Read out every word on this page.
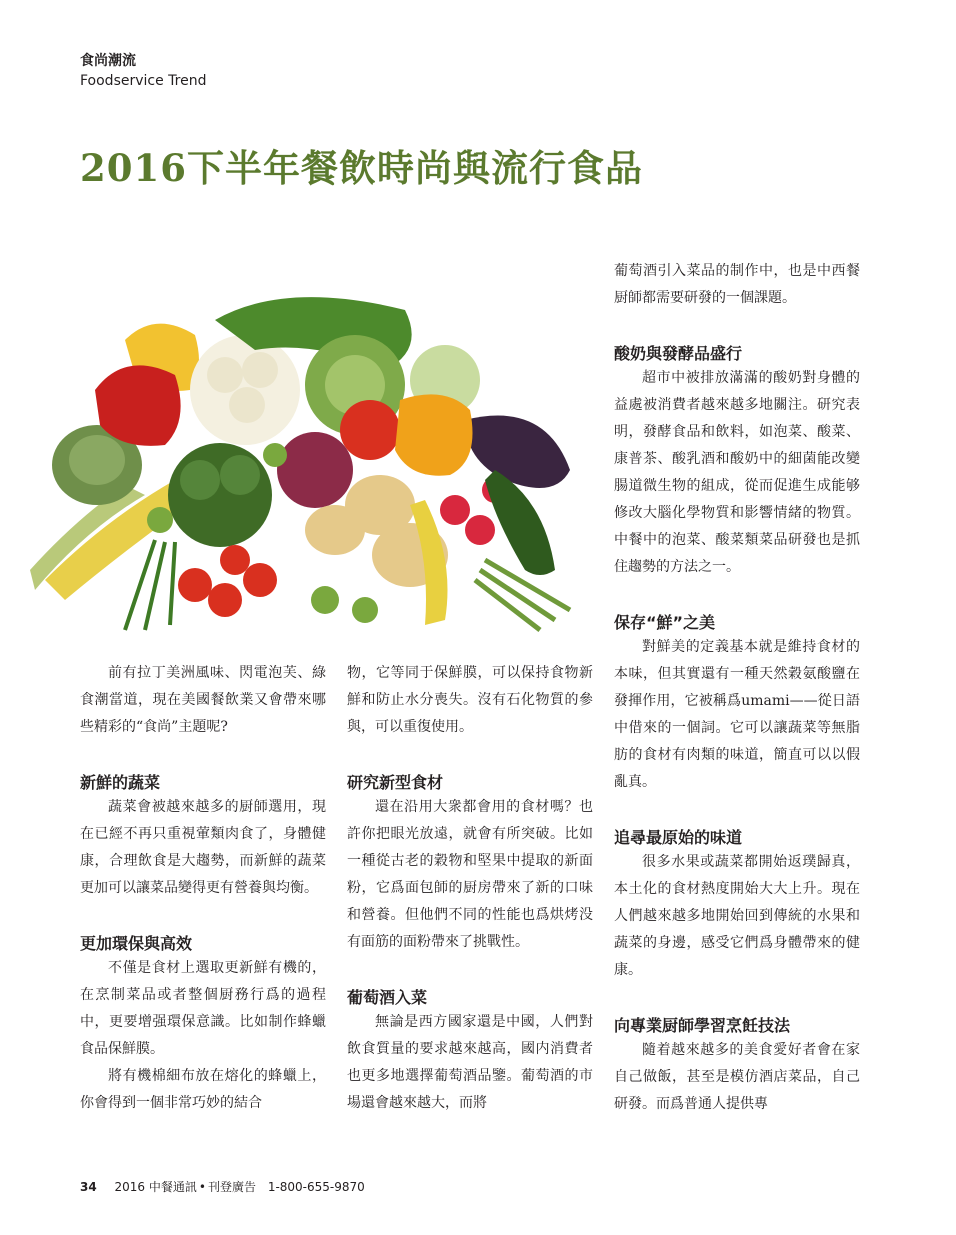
食尚潮流
Foodservice Trend
2016下半年餐飲時尚與流行食品

前有拉丁美洲風味、閃電泡芙、綠食潮當道，現在美國餐飲業又會帶來哪些精彩的“食尚”主題呢?

新鮮的蔬菜

蔬菜會被越來越多的厨師選用，現在已經不再只重視葷類肉食了，身體健康，合理飲食是大趨勢，而新鮮的蔬菜更加可以讓菜品變得更有營養與均衡。

更加環保與高效

不僅是食材上選取更新鮮有機的，在烹制菜品或者整個厨務行爲的過程中，更要增强環保意識。比如制作蜂蠟食品保鮮膜。

將有機棉細布放在熔化的蜂蠟上，你會得到一個非常巧妙的結合

物，它等同于保鮮膜，可以保持食物新鮮和防止水分喪失。沒有石化物質的參與，可以重復使用。

研究新型食材

還在沿用大衆都會用的食材嗎？也許你把眼光放遠，就會有所突破。比如一種從古老的穀物和堅果中提取的新面粉，它爲面包師的厨房帶來了新的口味和營養。但他們不同的性能也爲烘烤没有面筋的面粉帶來了挑戰性。

葡萄酒入菜

無論是西方國家還是中國，人們對飲食質量的要求越來越高，國内消費者也更多地選擇葡萄酒品鑒。葡萄酒的市場還會越來越大，而將

葡萄酒引入菜品的制作中，也是中西餐厨師都需要研發的一個課題。

酸奶與發酵品盛行

超市中被排放滿滿的酸奶對身體的益處被消費者越來越多地關注。研究表明，發酵食品和飲料，如泡菜、酸菜、康普茶、酸乳酒和酸奶中的細菌能改變腸道微生物的組成，從而促進生成能够修改大腦化學物質和影響情緒的物質。中餐中的泡菜、酸菜類菜品研發也是抓住趨勢的方法之一。

保存“鮮”之美

對鮮美的定義基本就是維持食材的本味，但其實還有一種天然穀氨酸鹽在發揮作用，它被稱爲umami——從日語中借來的一個詞。它可以讓蔬菜等無脂肪的食材有肉類的味道，簡直可以以假亂真。

追尋最原始的味道

很多水果或蔬菜都開始返璞歸真，本土化的食材熱度開始大大上升。現在人們越來越多地開始回到傳統的水果和蔬菜的身邊，感受它們爲身體帶來的健康。

向專業厨師學習烹飪技法

隨着越來越多的美食愛好者會在家自己做飯，甚至是模仿酒店菜品，自己研發。而爲普通人提供專

34 2016 中餐通訊 • 刊登廣告 1-800-655-9870
